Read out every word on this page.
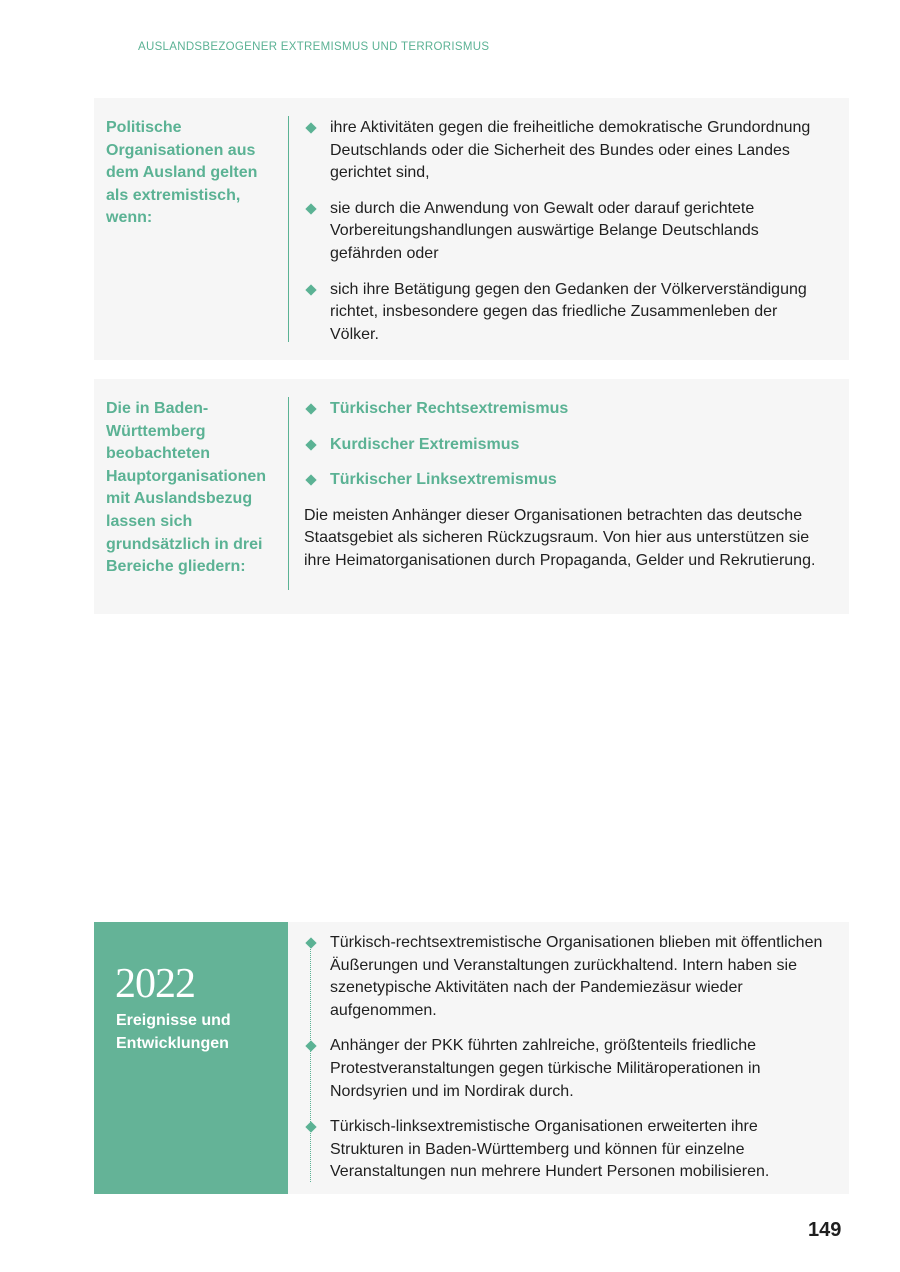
AUSLANDSBEZOGENER EXTREMISMUS UND TERRORISMUS
Politische Organisationen aus dem Ausland gelten als extremistisch, wenn:
ihre Aktivitäten gegen die freiheitliche demokratische Grundordnung Deutschlands oder die Sicherheit des Bundes oder eines Landes gerichtet sind,
sie durch die Anwendung von Gewalt oder darauf gerichtete Vorbereitungshandlungen auswärtige Belange Deutschlands gefährden oder
sich ihre Betätigung gegen den Gedanken der Völkerverständigung richtet, insbesondere gegen das friedliche Zusammenleben der Völker.
Die in Baden-Württemberg beobachteten Hauptorganisationen mit Auslandsbezug lassen sich grundsätzlich in drei Bereiche gliedern:
Türkischer Rechtsextremismus
Kurdischer Extremismus
Türkischer Linksextremismus
Die meisten Anhänger dieser Organisationen betrachten das deutsche Staatsgebiet als sicheren Rückzugsraum. Von hier aus unterstützen sie ihre Heimatorganisationen durch Propaganda, Gelder und Rekrutierung.
2022
Ereignisse und Entwicklungen
Türkisch-rechtsextremistische Organisationen blieben mit öffentlichen Äußerungen und Veranstaltungen zurückhaltend. Intern haben sie szenetypische Aktivitäten nach der Pandemiezäsur wieder aufgenommen.
Anhänger der PKK führten zahlreiche, größtenteils friedliche Protestveranstaltungen gegen türkische Militäroperationen in Nordsyrien und im Nordirak durch.
Türkisch-linksextremistische Organisationen erweiterten ihre Strukturen in Baden-Württemberg und können für einzelne Veranstaltungen nun mehrere Hundert Personen mobilisieren.
149
